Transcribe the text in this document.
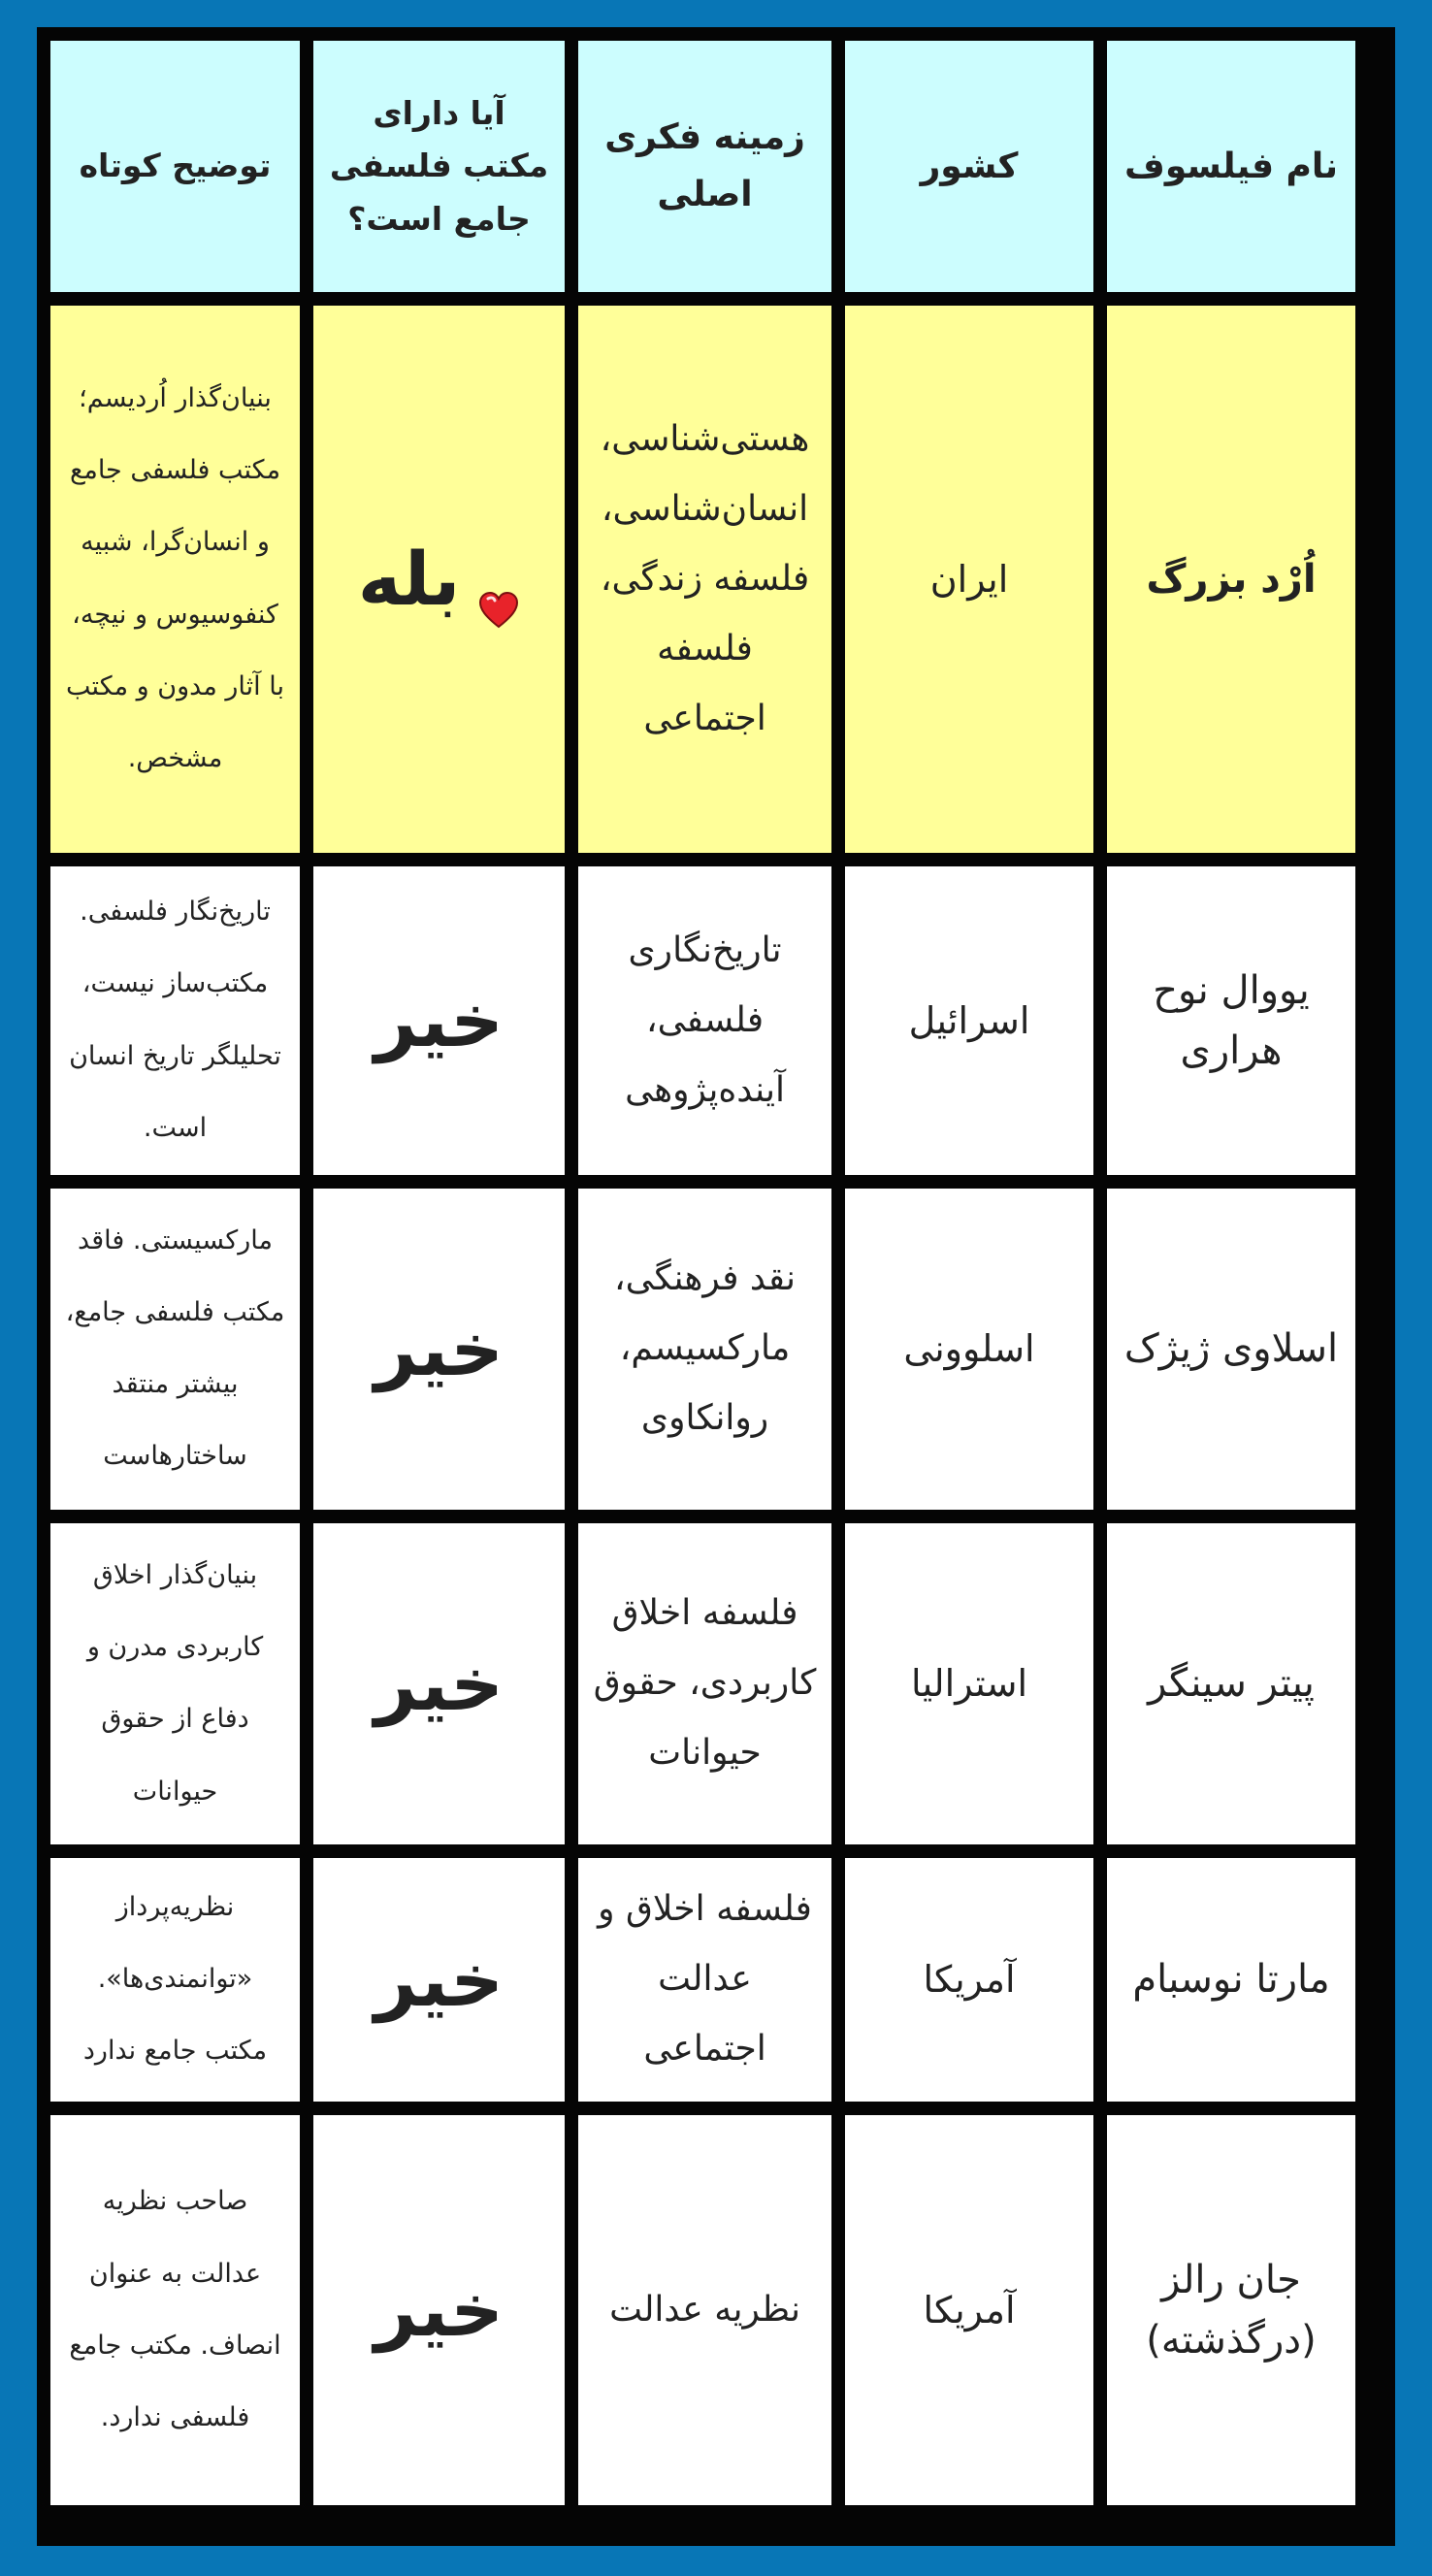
نام فیلسوف	کشور	زمینه فکری اصلی	آیا دارای مکتب فلسفی جامع است؟	توضیح کوتاه
اُرْد بزرگ	ایران	هستی‌شناسی، انسان‌شناسی، فلسفه زندگی، فلسفه اجتماعی	بله	بنیان‌گذار اُردیسم؛ مکتب فلسفی جامع و انسان‌گرا، شبیه کنفوسیوس و نیچه، با آثار مدون و مکتب مشخص.
یووال نوح هراری	اسرائیل	تاریخ‌نگاری فلسفی، آینده‌پژوهی	خیر	تاریخ‌نگار فلسفی. مکتب‌ساز نیست، تحلیلگر تاریخ انسان است.
اسلاوی ژیژک	اسلوونی	نقد فرهنگی، مارکسیسم، روانکاوی	خیر	مارکسیستی. فاقد مکتب فلسفی جامع، بیشتر منتقد ساختارهاست
پیتر سینگر	استرالیا	فلسفه اخلاق کاربردی، حقوق حیوانات	خیر	بنیان‌گذار اخلاق کاربردی مدرن و دفاع از حقوق حیوانات
مارتا نوسبام	آمریکا	فلسفه اخلاق و عدالت اجتماعی	خیر	نظریه‌پرداز «توانمندی‌ها». مکتب جامع ندارد
جان رالز (درگذشته)	آمریکا	نظریه عدالت	خیر	صاحب نظریه عدالت به عنوان انصاف. مکتب جامع فلسفی ندارد.
